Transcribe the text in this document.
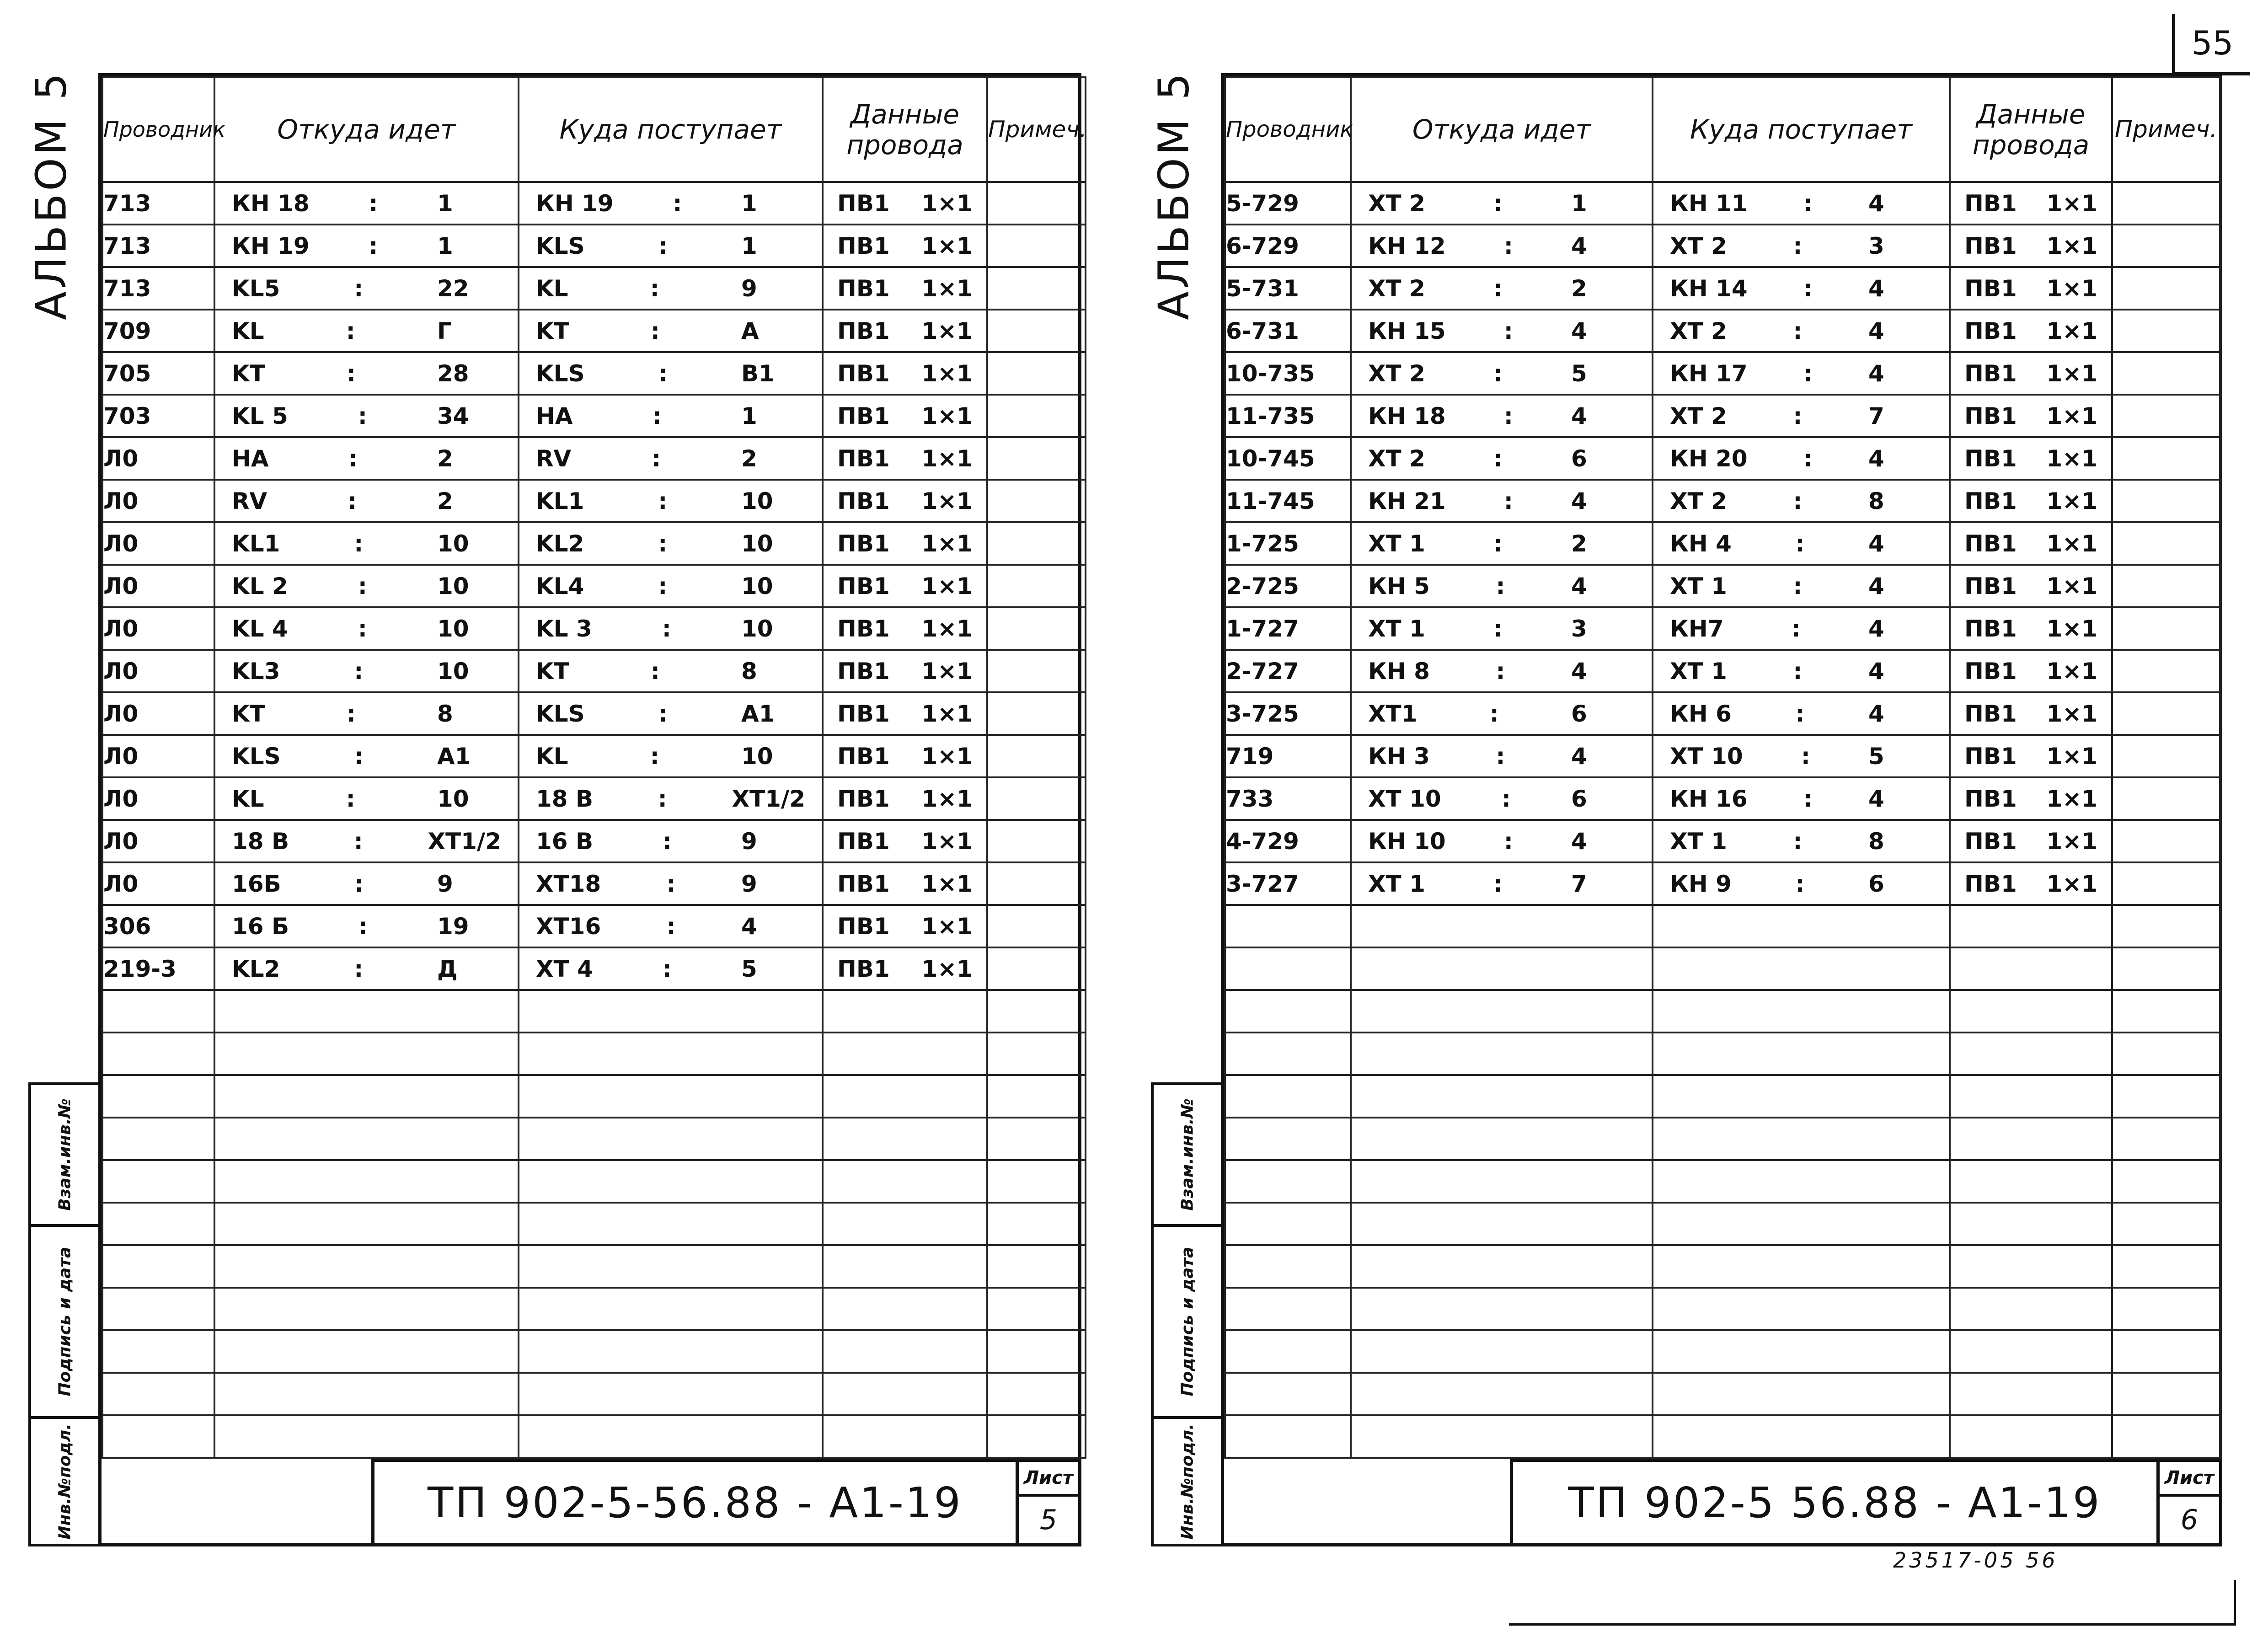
55
АЛЬБОМ 5
Взам.инв.№
Подпись и дата
Инв.№подл.
Проводник	Откуда идет	Куда поступает	Данные провода	Примеч.
713	КН 18 : 1	КН 19 : 1	ПВ1 1×1	

713	КН 19 : 1	KLS : 1	ПВ1 1×1	

713	KL5 : 22	KL : 9	ПВ1 1×1	

709	KL : Г	KT : A	ПВ1 1×1	

705	KT : 28	KLS : B1	ПВ1 1×1	

703	KL 5 : 34	HA : 1	ПВ1 1×1	

Л0	HA : 2	RV : 2	ПВ1 1×1	

Л0	RV : 2	KL1 : 10	ПВ1 1×1	

Л0	KL1 : 10	KL2 : 10	ПВ1 1×1	

Л0	KL 2 : 10	KL4 : 10	ПВ1 1×1	

Л0	KL 4 : 10	KL 3 : 10	ПВ1 1×1	

Л0	KL3 : 10	KT : 8	ПВ1 1×1	

Л0	KT : 8	KLS : A1	ПВ1 1×1	

Л0	KLS : A1	KL : 10	ПВ1 1×1	

Л0	KL : 10	18 B : XT1/2	ПВ1 1×1	

Л0	18 B : XT1/2	16 B : 9	ПВ1 1×1	

Л0	16Б : 9	XT18 : 9	ПВ1 1×1	

306	16 Б : 19	XT16 : 4	ПВ1 1×1	

219-3	KL2 : Д	XT 4 : 5	ПВ1 1×1	

ТП 902-5-56.88 - А1-19
Лист
5
АЛЬБОМ 5
Взам.инв.№
Подпись и дата
Инв.№подл.
Проводник	Откуда идет	Куда поступает	Данные провода	Примеч.
5-729	XT 2 : 1	КН 11 : 4	ПВ1 1×1	

6-729	КН 12 : 4	XT 2 : 3	ПВ1 1×1	

5-731	XT 2 : 2	КН 14 : 4	ПВ1 1×1	

6-731	КН 15 : 4	XT 2 : 4	ПВ1 1×1	

10-735	XT 2 : 5	КН 17 : 4	ПВ1 1×1	

11-735	КН 18 : 4	XT 2 : 7	ПВ1 1×1	

10-745	XT 2 : 6	КН 20 : 4	ПВ1 1×1	

11-745	КН 21 : 4	XT 2 : 8	ПВ1 1×1	

1-725	XT 1 : 2	КН 4 : 4	ПВ1 1×1	

2-725	КН 5 : 4	XT 1 : 4	ПВ1 1×1	

1-727	XT 1 : 3	КН7 : 4	ПВ1 1×1	

2-727	КН 8 : 4	XT 1 : 4	ПВ1 1×1	

3-725	XT1 : 6	КН 6 : 4	ПВ1 1×1	

719	КН 3 : 4	XT 10 : 5	ПВ1 1×1	

733	XT 10 : 6	КН 16 : 4	ПВ1 1×1	

4-729	КН 10 : 4	XT 1 : 8	ПВ1 1×1	

3-727	XT 1 : 7	КН 9 : 6	ПВ1 1×1	

ТП 902-5 56.88 - А1-19
Лист
6
23517-05 56
